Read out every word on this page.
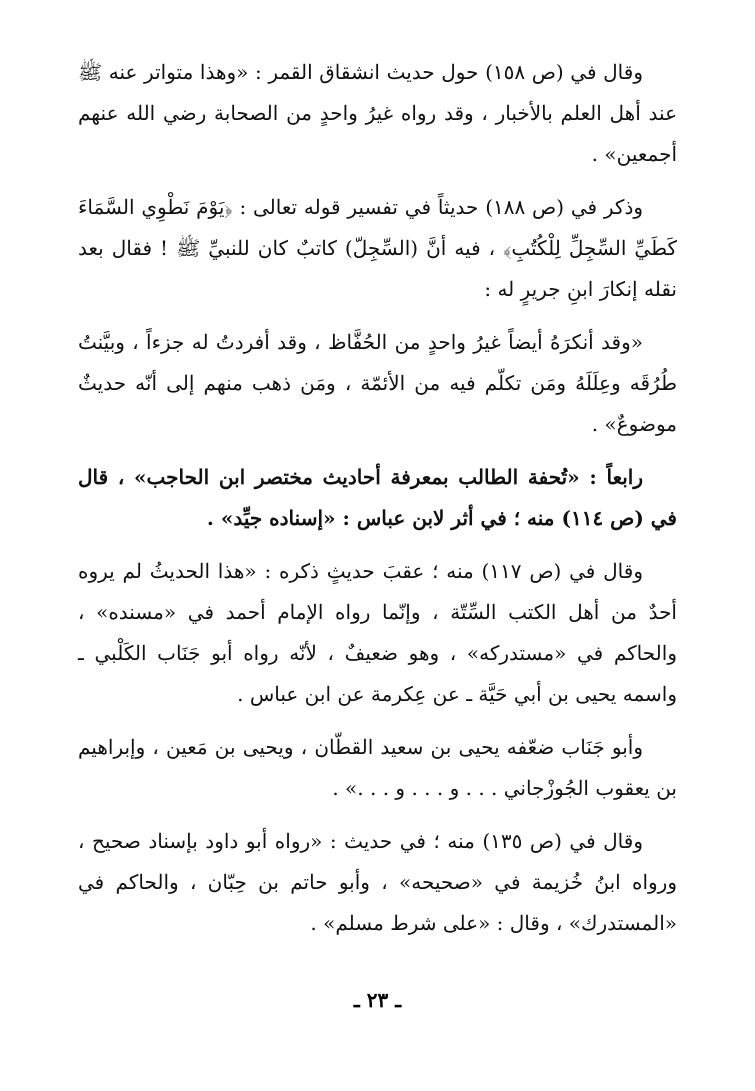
وقال في (ص ١٥٨) حول حديث انشقاق القمر : «وهذا متواتر عنه ﷺ عند أهل العلم بالأخبار ، وقد رواه غيرُ واحدٍ من الصحابة رضي الله عنهم أجمعين» .

وذكر في (ص ١٨٨) حديثاً في تفسير قوله تعالى : ﴿يَوْمَ نَطْوِي السَّمَاءَ كَطَيِّ السِّجِلِّ لِلْكُتُبِ﴾ ، فيه أنَّ (السِّجِلّ) كاتبٌ كان للنبيِّ ﷺ ! فقال بعد نقله إنكارَ ابنِ جريرٍ له :

«وقد أنكرَهُ أيضاً غيرُ واحدٍ من الحُفَّاظ ، وقد أفردتُ له جزءاً ، وبيَّنتُ طُرُقَه وعِلَلَهُ ومَن تكلّم فيه من الأئمّة ، ومَن ذهب منهم إلى أنّه حديثٌ موضوعٌ» .

رابعاً : «تُحفة الطالب بمعرفة أحاديث مختصر ابن الحاجب» ، قال في (ص ١١٤) منه ؛ في أثر لابن عباس : «إسناده جيِّد» .

وقال في (ص ١١٧) منه ؛ عقبَ حديثٍ ذكره : «هذا الحديثُ لم يروه أحدٌ من أهل الكتب السِّتّة ، وإنّما رواه الإمام أحمد في «مسنده» ، والحاكم في «مستدركه» ، وهو ضعيفٌ ، لأنّه رواه أبو جَنَاب الكَلْبي ـ واسمه يحيى بن أبي حَيَّة ـ عن عِكرمة عن ابن عباس .

وأبو جَنَاب ضعّفه يحيى بن سعيد القطّان ، ويحيى بن مَعين ، وإبراهيم بن يعقوب الجُوزْجاني . . . و . . . و . . .» .

وقال في (ص ١٣٥) منه ؛ في حديث : «رواه أبو داود بإسناد صحيح ، ورواه ابنُ خُزيمة في «صحيحه» ، وأبو حاتم بن حِبّان ، والحاكم في «المستدرك» ، وقال : «على شرط مسلم» .

ـ ٢٣ ـ
